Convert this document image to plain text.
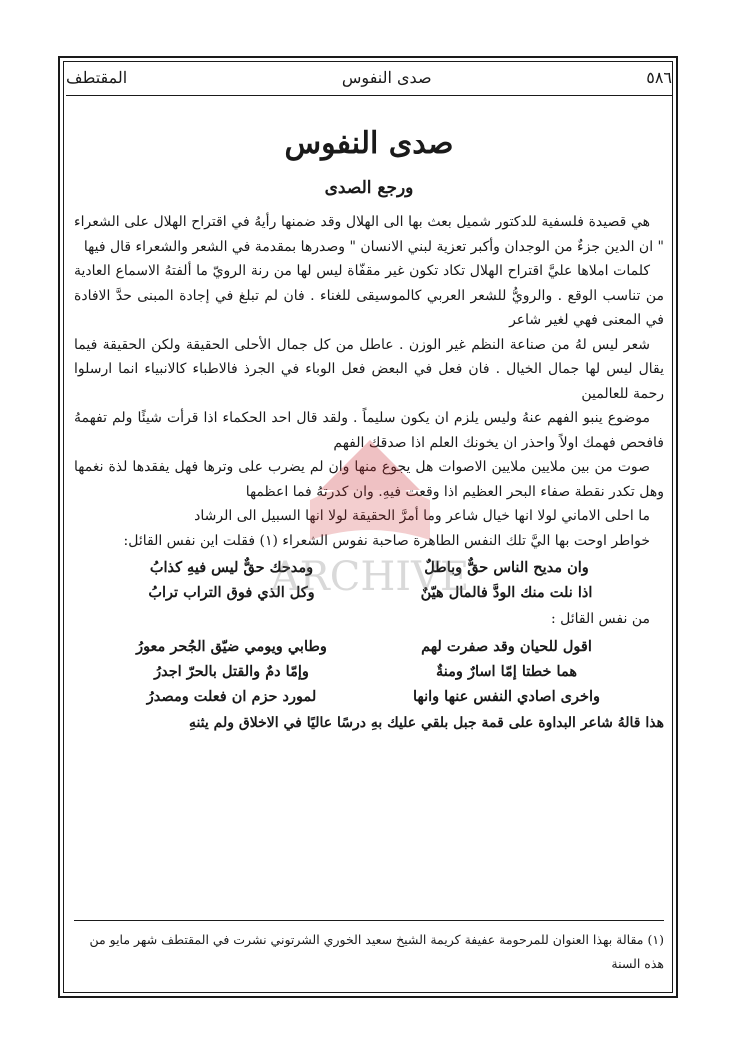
٥٨٦
صدى النفوس
المقتطف
صدى النفوس
ورجع الصدى

هي قصيدة فلسفية للدكتور شميل بعث بها الى الهلال وقد ضمنها رأيهُ في اقتراح الهلال على الشعراء " ان الدين جزءٌ من الوجدان وأكبر تعزية لبني الانسان " وصدرها بمقدمة في الشعر والشعراء قال فيها

كلمات املاها عليَّ اقتراح الهلال تكاد تكون غير مقفّاة ليس لها من رنة الرويّ ما ألفتهُ الاسماع العادية من تناسب الوقع . والرويُّ للشعر العربي كالموسيقى للغناء . فان لم تبلغ في إجادة المبنى حدَّ الافادة في المعنى فهي لغير شاعر

شعر ليس لهُ من صناعة النظم غير الوزن . عاطل من كل جمال الأحلى الحقيقة ولكن الحقيقة فيما يقال ليس لها جمال الخيال . فان فعل في البعض فعل الوباء في الجرذ فالاطباء كالانبياء انما ارسلوا رحمة للعالمين

موضوع ينبو الفهم عنهُ وليس يلزم ان يكون سليماً . ولقد قال احد الحكماء اذا قرأت شيئًا ولم تفهمهُ فافحص فهمك اولاً واحذر ان يخونك العلم اذا صدقك الفهم

صوت من بين ملايين ملايين الاصوات هل يجوع منها وان لم يضرب على وترها فهل يفقدها لذة نغمها وهل تكدر نقطة صفاء البحر العظيم اذا وقعت فيهِ. وان كدرتهُ فما اعظمها

ما احلى الاماني لولا انها خيال شاعر وما أمرَّ الحقيقة لولا انها السبيل الى الرشاد

خواطر اوحت بها اليَّ تلك النفس الطاهرة صاحبة نفوس الشعراء (١) فقلت اين نفس القائل:

وان مديح الناس حقٌّ وباطلٌ
ومدحك حقٌّ ليس فيهِ كذابُ
اذا نلت منك الودَّ فالمال هيّنٌ
وكل الذي فوق التراب ترابُ

من نفس القائل :

اقول للحيان وقد صفرت لهم
وطابي ويومي ضيّق الجُحر معورُ
هما خطتا إمّا اسارٌ ومنةٌ
وإمّا دمٌ والقتل بالحرّ اجدرُ
واخرى اصادي النفس عنها وانها
لمورد حزم ان فعلت ومصدرُ

هذا قالهُ شاعر البداوة على قمة جبل بلقي عليك بهِ درسًا عاليًا في الاخلاق ولم يثنهِ

(١) مقالة بهذا العنوان للمرحومة عفيفة كريمة الشيخ سعيد الخوري الشرتوني نشرت في المقتطف شهر مايو من هذه السنة
ARCHIVE
